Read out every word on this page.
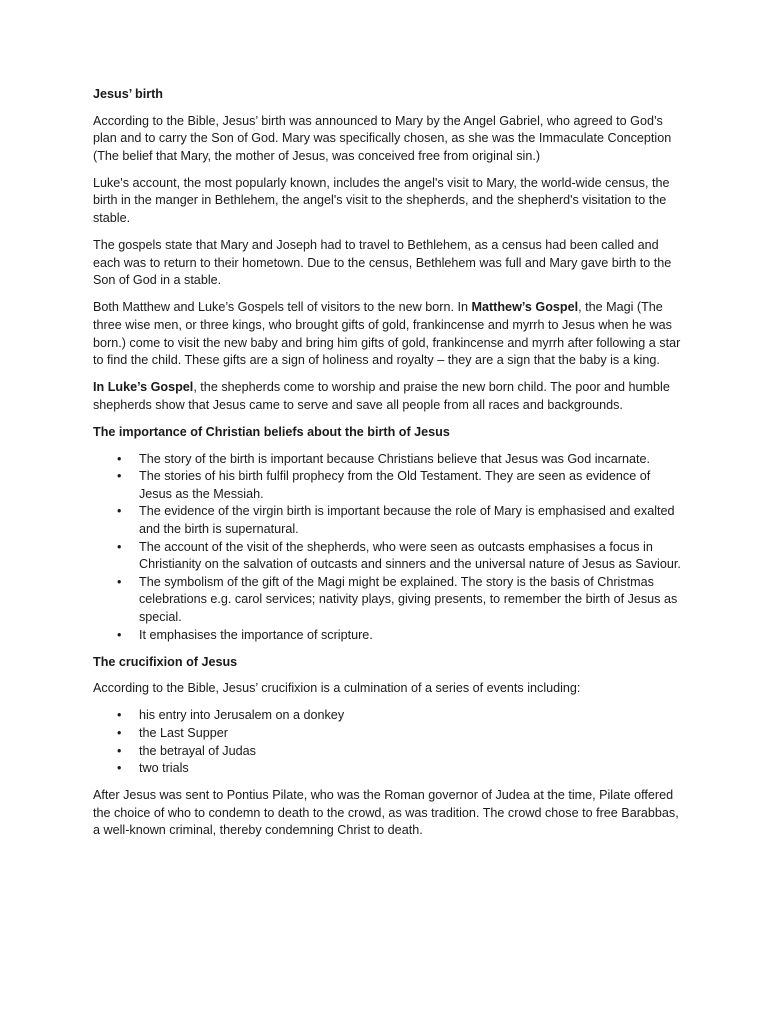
Jesus’ birth

According to the Bible, Jesus’ birth was announced to Mary by the Angel Gabriel, who agreed to God’s plan and to carry the Son of God. Mary was specifically chosen, as she was the Immaculate Conception (The belief that Mary, the mother of Jesus, was conceived free from original sin.)

Luke's account, the most popularly known, includes the angel's visit to Mary, the world-wide census, the birth in the manger in Bethlehem, the angel's visit to the shepherds, and the shepherd's visitation to the stable.

The gospels state that Mary and Joseph had to travel to Bethlehem, as a census had been called and each was to return to their hometown. Due to the census, Bethlehem was full and Mary gave birth to the Son of God in a stable.

Both Matthew and Luke’s Gospels tell of visitors to the new born. In Matthew’s Gospel, the Magi (The three wise men, or three kings, who brought gifts of gold, frankincense and myrrh to Jesus when he was born.) come to visit the new baby and bring him gifts of gold, frankincense and myrrh after following a star to find the child. These gifts are a sign of holiness and royalty – they are a sign that the baby is a king.

In Luke’s Gospel, the shepherds come to worship and praise the new born child. The poor and humble shepherds show that Jesus came to serve and save all people from all races and backgrounds.

The importance of Christian beliefs about the birth of Jesus
• The story of the birth is important because Christians believe that Jesus was God incarnate.
• The stories of his birth fulfil prophecy from the Old Testament. They are seen as evidence of Jesus as the Messiah.
• The evidence of the virgin birth is important because the role of Mary is emphasised and exalted and the birth is supernatural.
• The account of the visit of the shepherds, who were seen as outcasts emphasises a focus in Christianity on the salvation of outcasts and sinners and the universal nature of Jesus as Saviour.
• The symbolism of the gift of the Magi might be explained. The story is the basis of Christmas celebrations e.g. carol services; nativity plays, giving presents, to remember the birth of Jesus as special.
• It emphasises the importance of scripture.
The crucifixion of Jesus

According to the Bible, Jesus’ crucifixion is a culmination of a series of events including:

• his entry into Jerusalem on a donkey
• the Last Supper
• the betrayal of Judas
• two trials

After Jesus was sent to Pontius Pilate, who was the Roman governor of Judea at the time, Pilate offered the choice of who to condemn to death to the crowd, as was tradition. The crowd chose to free Barabbas, a well-known criminal, thereby condemning Christ to death.
